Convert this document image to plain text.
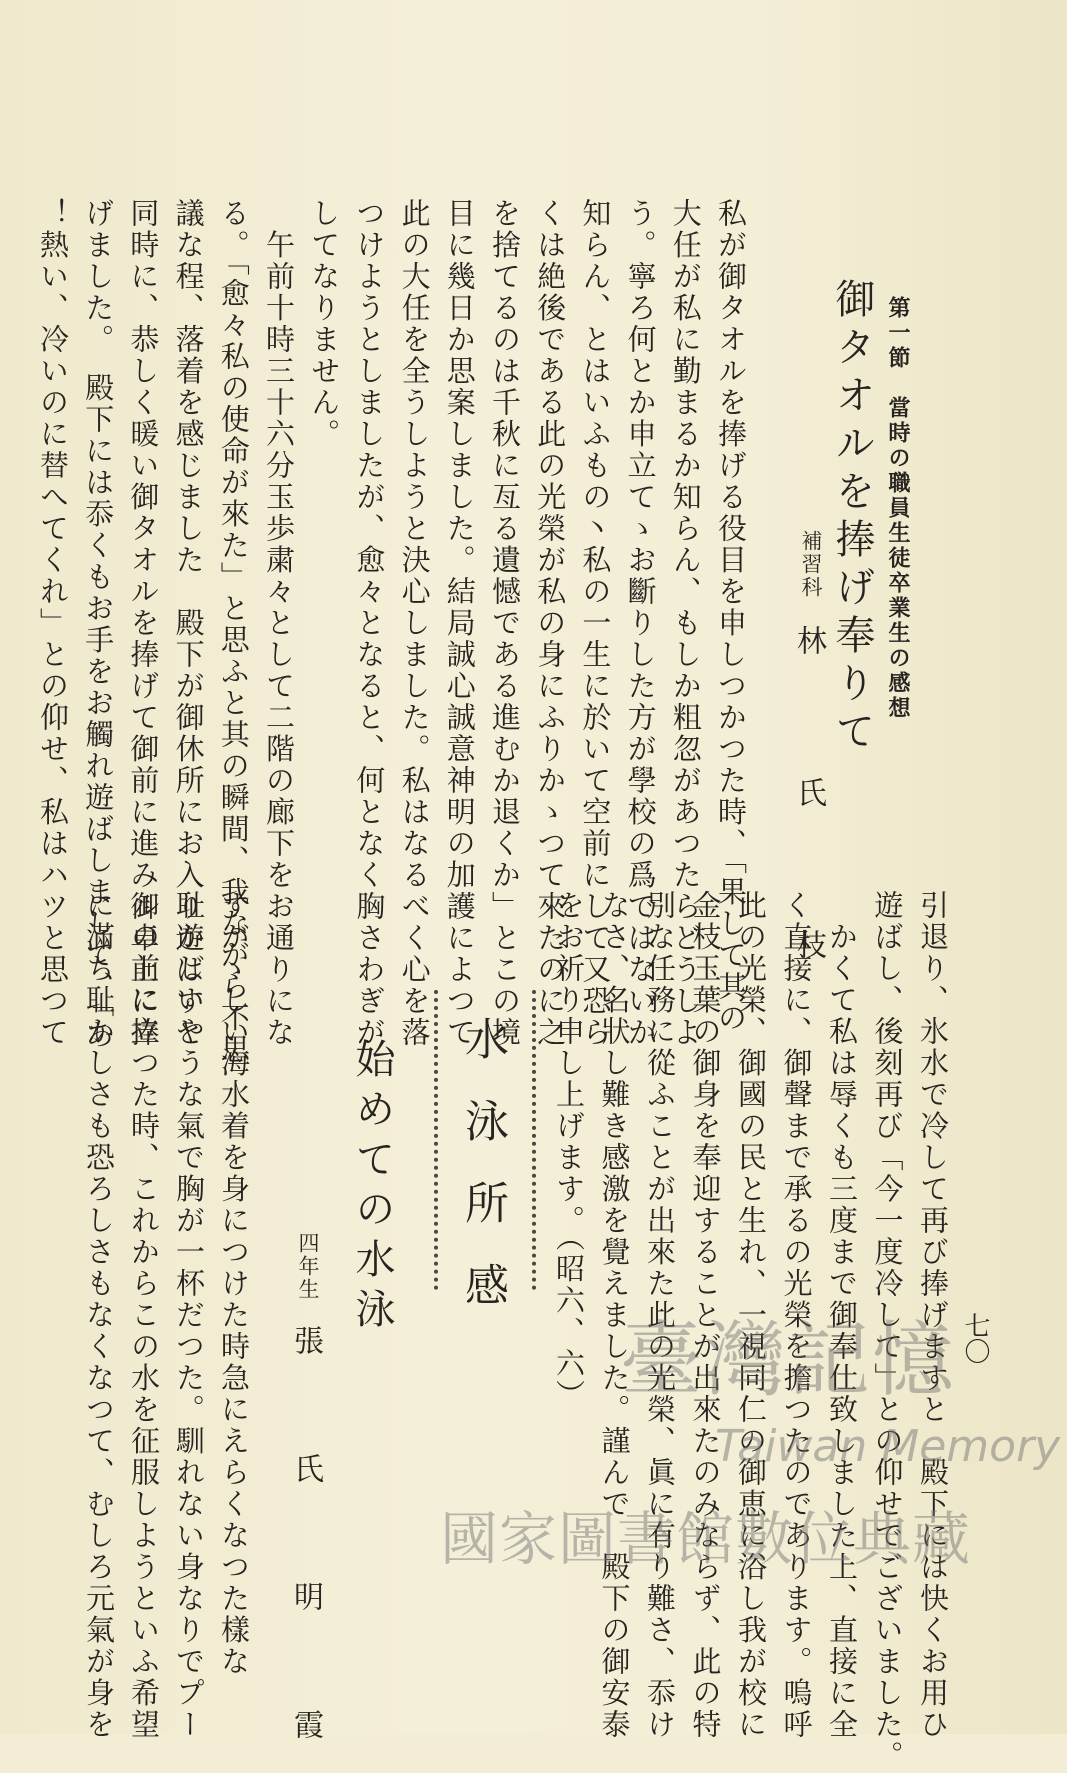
第一節　當時の職員生徒卒業生の感想
御タオルを捧げ奉りて
補習科
林　氏　枝
私が御タオルを捧げる役目を申しつかつた時、「果して其の
大任が私に勤まるか知らん、もしか粗忽があつたらどうしよ
う。寧ろ何とか申立てゝお斷りした方が學校の爲ではないか
知らん、とはいふもの丶私の一生に於いて空前にして又恐ら
くは絶後である此の光榮が私の身にふりかゝつて來たのに之
を捨てるのは千秋に亙る遺憾である進むか退くか」とこの境
目に幾日か思案しました。結局誠心誠意神明の加護によつて
此の大任を全うしようと決心しました。私はなるべく心を落
つけようとしましたが、愈々となると、何となく胸さわぎが
してなりません。
　午前十時三十六分玉歩粛々として二階の廊下をお通りにな
る。「愈々私の使命が來た」と思ふと其の瞬間、我ながら不思
議な程、落着を感じました　殿下が御休所にお入り遊ばすと
同時に、恭しく暖い御タオルを捧げて御前に進み御卓上に捧
げました。　殿下には忝くもお手をお觸れ遊ばしまして、「あ
！熱い、冷いのに替へてくれ」との仰せ、私はハツと思つて
七〇
引退り、氷水で冷して再び捧げますと　殿下には快くお用ひ
遊ばし、後刻再び「今一度冷して」との仰せでございました。
　かくて私は辱くも三度まで御奉仕致しました上、直接に全
く直接に、御聲まで承るの光榮を擔つたのであります。嗚呼
此の光榮、御國の民と生れ、一視同仁の御恵に浴し我が校に
金枝玉葉の御身を奉迎することが出來たのみならず、此の特
別な任務に從ふことが出來た此の光榮、眞に有り難さ、忝け
なさ、名狀し難き感激を覺えました。謹んで　殿下の御安泰
をお祈り申し上げます。（昭六、六）
水泳所感
始めての水泳
四年生
張　氏　明　霞
すがゝしい海水着を身につけた時急にえらくなつた樣な
耻かしいやうな氣で胸が一杯だつた。馴れない身なりでプー
ルの前に立つた時、これからこの水を征服しようといふ希望
に滿ち耻かしさも恐ろしさもなくなつて、むしろ元氣が身を	臺灣記憶
Taiwan Memory
國家圖書館數位典藏
